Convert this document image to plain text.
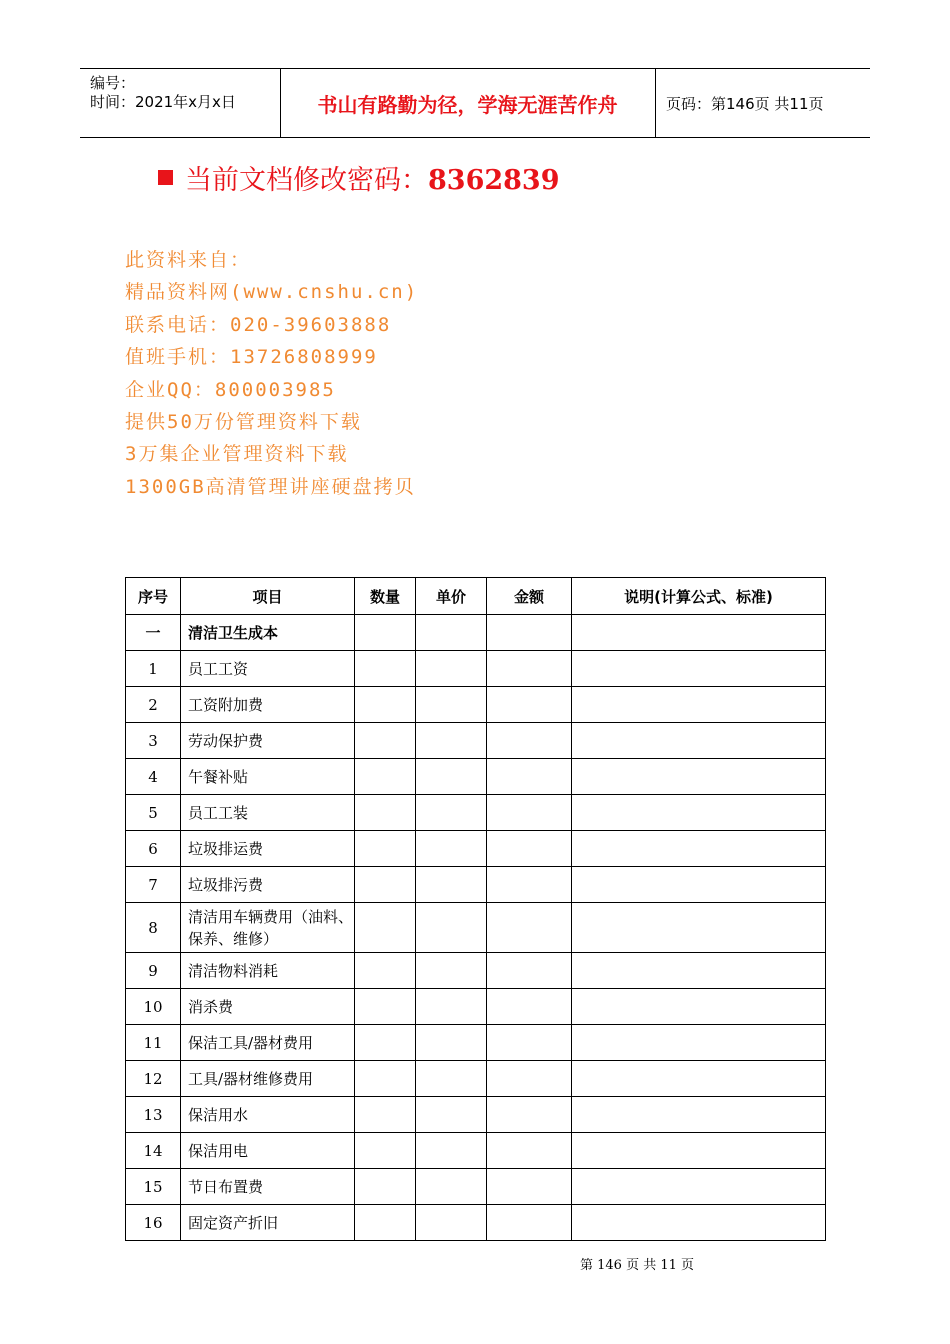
编号：
时间：2021年x月x日	书山有路勤为径，学海无涯苦作舟	页码：第146页 共11页
当前文档修改密码：8362839
此资料来自：
精品资料网(www.cnshu.cn)
联系电话：020-39603888
值班手机：13726808999
企业QQ：800003985
提供50万份管理资料下载
3万集企业管理资料下载
1300GB高清管理讲座硬盘拷贝
序号	项目	数量	单价	金额	说明(计算公式、标准)
一	清洁卫生成本				
1	员工工资				
2	工资附加费				
3	劳动保护费				
4	午餐补贴				
5	员工工装				
6	垃圾排运费				
7	垃圾排污费				
8	清洁用车辆费用（油料、保养、维修）				
9	清洁物料消耗				
10	消杀费				
11	保洁工具/器材费用				
12	工具/器材维修费用				
13	保洁用水				
14	保洁用电				
15	节日布置费				
16	固定资产折旧				
第 146 页 共 11 页
